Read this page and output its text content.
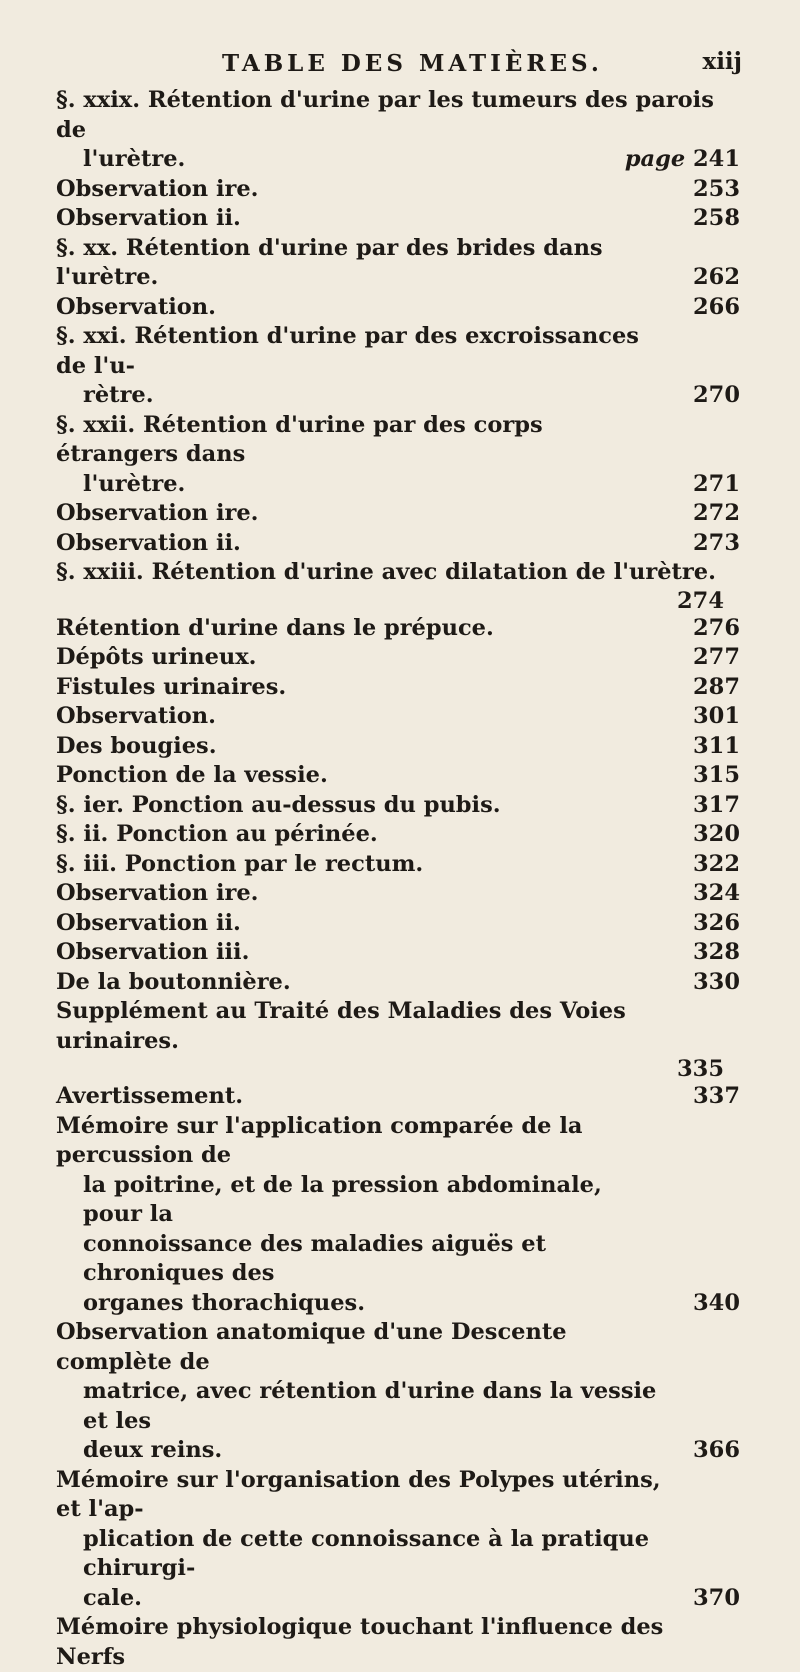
TABLE DES MATIÈRES.	xiij
§. xxix. Rétention d'urine par les tumeurs des parois de
l'urètre.	page 241
Observation ire.	253
Observation ii.	258
§. xx. Rétention d'urine par des brides dans l'urètre.	262
Observation.	266
§. xxi. Rétention d'urine par des excroissances de l'u-
rètre.	270
§. xxii. Rétention d'urine par des corps étrangers dans
l'urètre.	271
Observation ire.	272
Observation ii.	273
§. xxiii. Rétention d'urine avec dilatation de l'urètre.
274
Rétention d'urine dans le prépuce.	276
Dépôts urineux.	277
Fistules urinaires.	287
Observation.	301
Des bougies.	311
Ponction de la vessie.	315
§. ier. Ponction au-dessus du pubis.	317
§. ii. Ponction au périnée.	320
§. iii. Ponction par le rectum.	322
Observation ire.	324
Observation ii.	326
Observation iii.	328
De la boutonnière.	330
Supplément au Traité des Maladies des Voies urinaires.
335
Avertissement.	337
Mémoire sur l'application comparée de la percussion de
la poitrine, et de la pression abdominale, pour la
connoissance des maladies aiguës et chroniques des
organes thorachiques.	340
Observation anatomique d'une Descente complète de
matrice, avec rétention d'urine dans la vessie et les
deux reins.	366
Mémoire sur l'organisation des Polypes utérins, et l'ap-
plication de cette connoissance à la pratique chirurgi-
cale.	370
Mémoire physiologique touchant l'influence des Nerfs
